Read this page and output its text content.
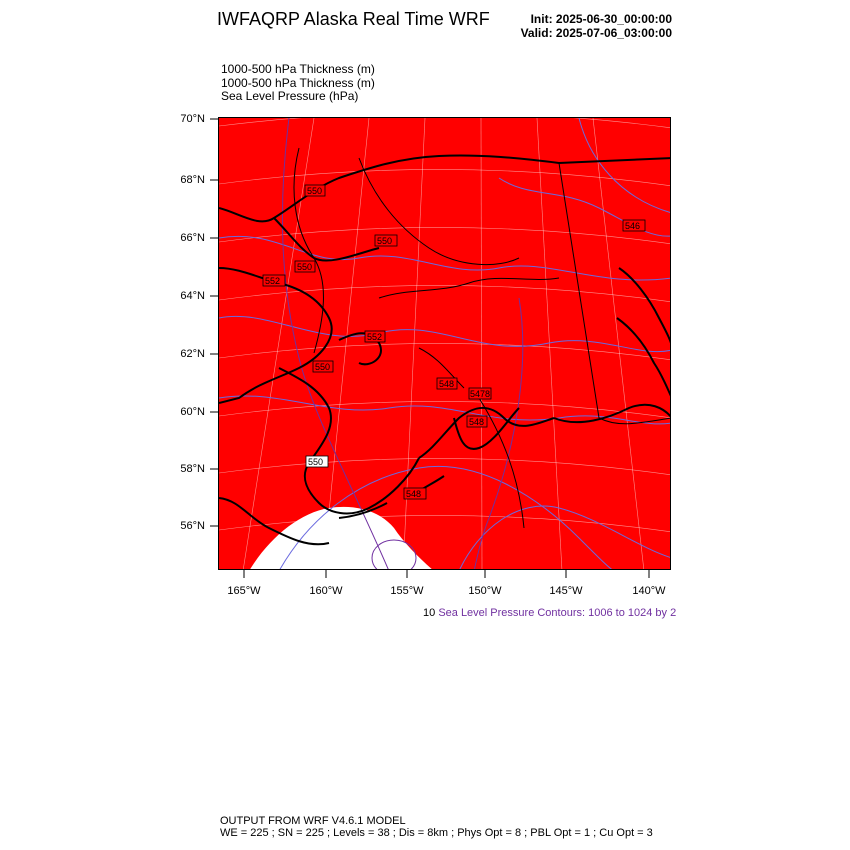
IWFAQRP Alaska Real Time WRF	Init: 2025-06-30_00:00:00
Valid: 2025-07-06_03:00:00
1000-500 hPa Thickness (m)
1000-500 hPa Thickness (m)
Sea Level Pressure (hPa)
70°N
68°N
66°N
64°N
62°N
60°N
58°N
56°N
165°W	160°W	155°W	150°W	145°W	140°W
550
550
550
552
552
550
550
548
548
5478
548
546
10 Sea Level Pressure Contours: 1006 to 1024 by 2
OUTPUT FROM WRF V4.6.1 MODEL
WE = 225 ; SN = 225 ; Levels = 38 ; Dis = 8km ; Phys Opt = 8 ; PBL Opt = 1 ; Cu Opt = 3
